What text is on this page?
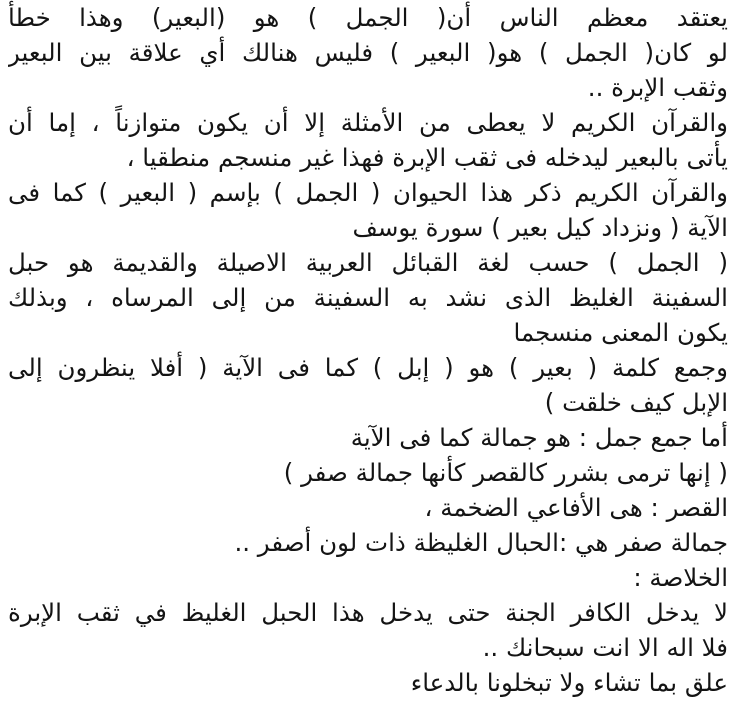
يعتقد معظم الناس أن( الجمل ) هو (البعير) وهذا خطأ
لو كان( الجمل ) هو( البعير ) فليس هنالك أي علاقة بين البعير
وثقب الإبرة ..
والقرآن الكريم لا يعطى من الأمثلة إلا أن يكون متوازناً ، إما أن
يأتى بالبعير ليدخله فى ثقب الإبرة فهذا غير منسجم منطقيا ،
والقرآن الكريم ذكر هذا الحيوان ( الجمل ) بإسم ( البعير ) كما فى
الآية ( ونزداد كيل بعير ) سورة يوسف
( الجمل ) حسب لغة القبائل العربية الاصيلة والقديمة هو حبل
السفينة الغليظ الذى نشد به السفينة من إلى المرساه ، وبذلك
يكون المعنى منسجما
وجمع كلمة ( بعير ) هو ( إبل ) كما فى الآية ( أفلا ينظرون إلى
الإبل كيف خلقت )
أما جمع جمل : هو جمالة كما فى الآية
( إنها ترمى بشرر كالقصر كأنها جمالة صفر )
القصر : هى الأفاعي الضخمة ،
جمالة صفر هي :الحبال الغليظة ذات لون أصفر ..
الخلاصة :
لا يدخل الكافر الجنة حتى يدخل هذا الحبل الغليظ في ثقب الإبرة
فلا اله الا انت سبحانك ..
علق بما تشاء ولا تبخلونا بالدعاء
